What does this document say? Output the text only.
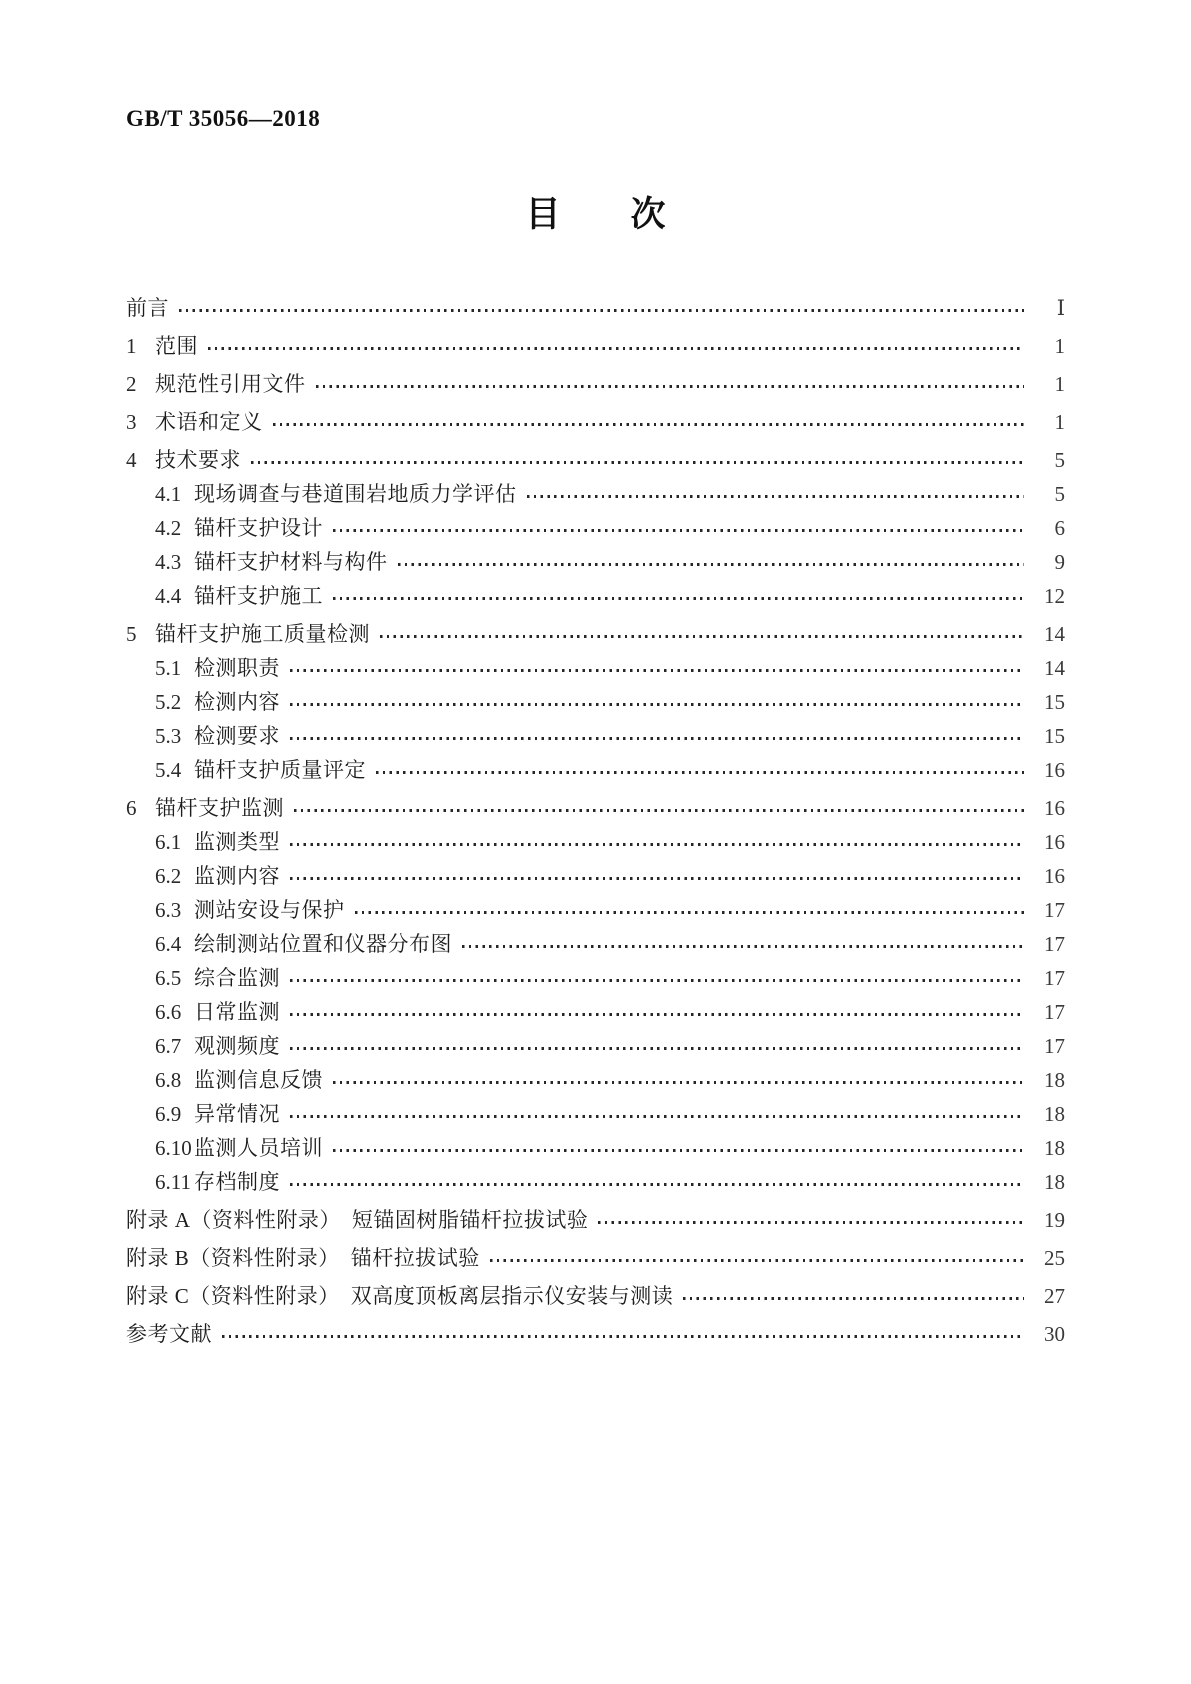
GB/T 35056—2018
目　　次
前言	Ⅰ
1 范围	1
2 规范性引用文件	1
3 术语和定义	1
4 技术要求	5
4.1 现场调查与巷道围岩地质力学评估	5
4.2 锚杆支护设计	6
4.3 锚杆支护材料与构件	9
4.4 锚杆支护施工	12
5 锚杆支护施工质量检测	14
5.1 检测职责	14
5.2 检测内容	15
5.3 检测要求	15
5.4 锚杆支护质量评定	16
6 锚杆支护监测	16
6.1 监测类型	16
6.2 监测内容	16
6.3 测站安设与保护	17
6.4 绘制测站位置和仪器分布图	17
6.5 综合监测	17
6.6 日常监测	17
6.7 观测频度	17
6.8 监测信息反馈	18
6.9 异常情况	18
6.10 监测人员培训	18
6.11 存档制度	18
附录 A（资料性附录）　短锚固树脂锚杆拉拔试验	19
附录 B（资料性附录）　锚杆拉拔试验	25
附录 C（资料性附录）　双高度顶板离层指示仪安装与测读	27
参考文献	30
